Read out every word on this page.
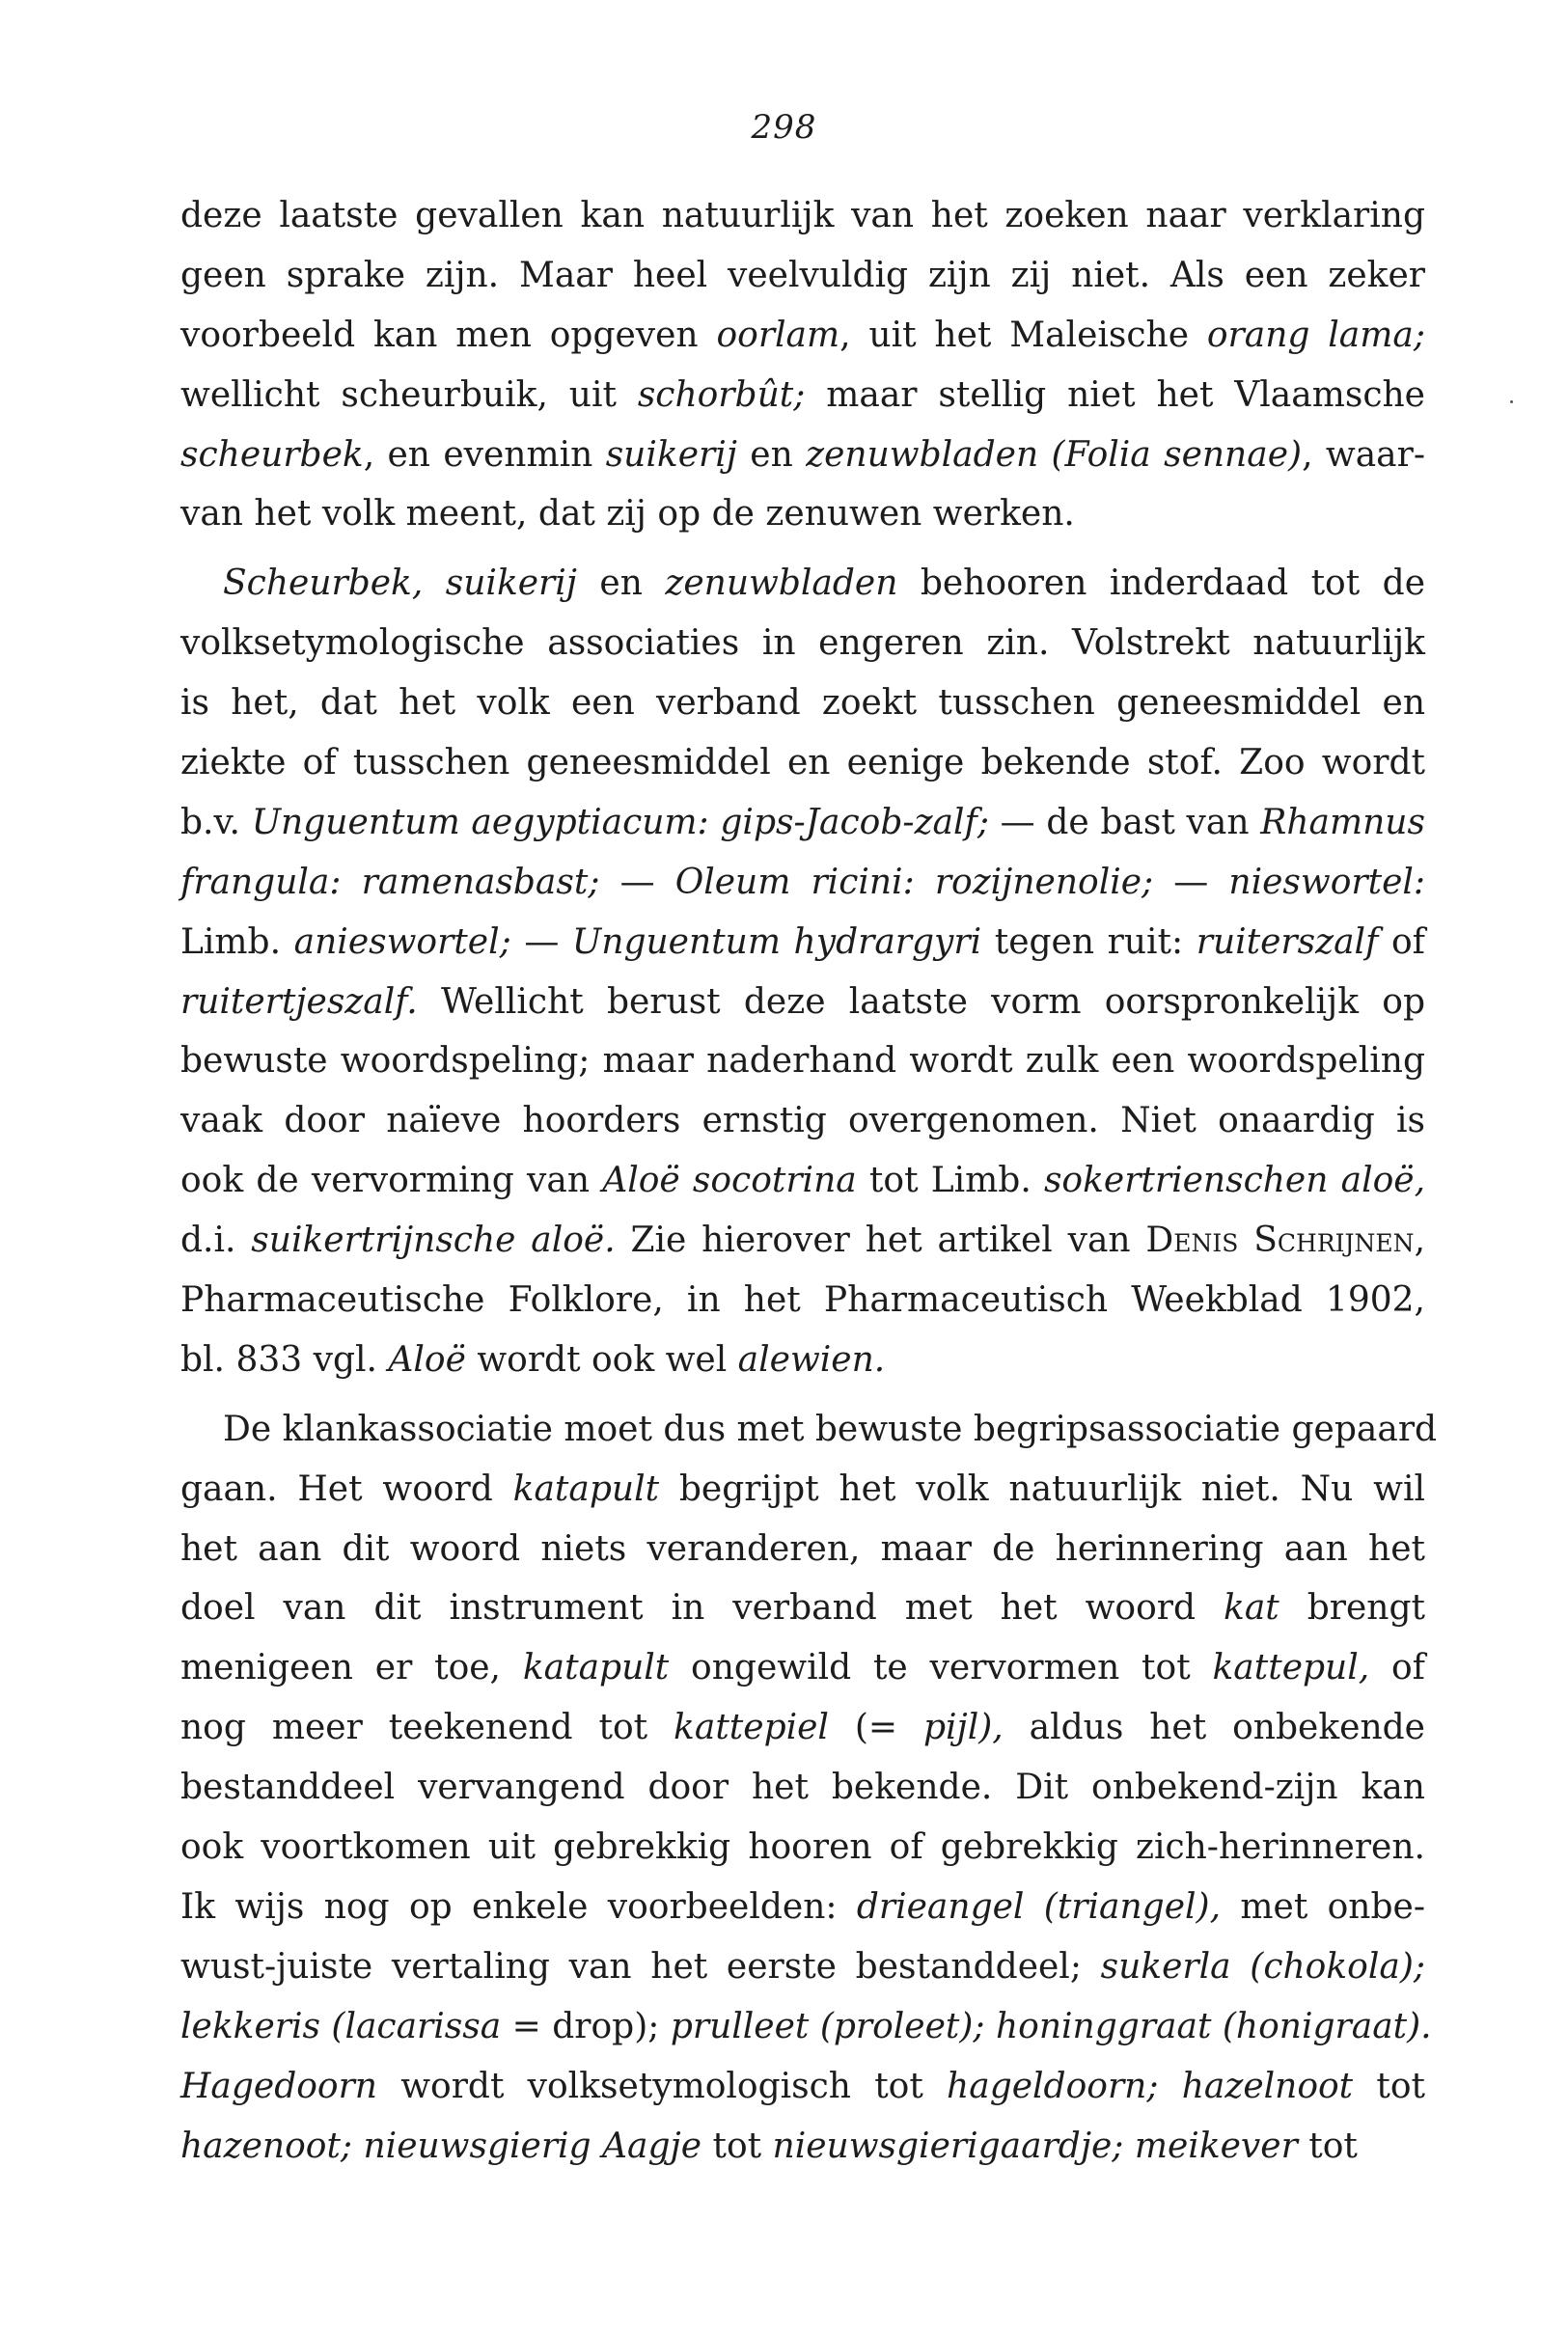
298
deze laatste gevallen kan natuurlijk van het zoeken naar verklaring
geen sprake zijn. Maar heel veelvuldig zijn zij niet. Als een zeker
voorbeeld kan men opgeven oorlam, uit het Maleische orang lama;
wellicht scheurbuik, uit schorbût; maar stellig niet het Vlaamsche
scheurbek, en evenmin suikerij en zenuwbladen (Folia sennae), waar-
van het volk meent, dat zij op de zenuwen werken.
Scheurbek, suikerij en zenuwbladen behooren inderdaad tot de
volksetymologische associaties in engeren zin. Volstrekt natuurlijk
is het, dat het volk een verband zoekt tusschen geneesmiddel en
ziekte of tusschen geneesmiddel en eenige bekende stof. Zoo wordt
b.v. Unguentum aegyptiacum: gips-Jacob-zalf; — de bast van Rhamnus
frangula: ramenasbast; — Oleum ricini: rozijnenolie; — nieswortel:
Limb. anieswortel; — Unguentum hydrargyri tegen ruit: ruiterszalf of
ruitertjeszalf. Wellicht berust deze laatste vorm oorspronkelijk op
bewuste woordspeling; maar naderhand wordt zulk een woordspeling
vaak door naïeve hoorders ernstig overgenomen. Niet onaardig is
ook de vervorming van Aloë socotrina tot Limb. sokertrienschen aloë,
d.i. suikertrijnsche aloë. Zie hierover het artikel van Denis Schrijnen,
Pharmaceutische Folklore, in het Pharmaceutisch Weekblad 1902,
bl. 833 vgl. Aloë wordt ook wel alewien.
De klankassociatie moet dus met bewuste begripsassociatie gepaard
gaan. Het woord katapult begrijpt het volk natuurlijk niet. Nu wil
het aan dit woord niets veranderen, maar de herinnering aan het
doel van dit instrument in verband met het woord kat brengt
menigeen er toe, katapult ongewild te vervormen tot kattepul, of
nog meer teekenend tot kattepiel (= pijl), aldus het onbekende
bestanddeel vervangend door het bekende. Dit onbekend-zijn kan
ook voortkomen uit gebrekkig hooren of gebrekkig zich-herinneren.
Ik wijs nog op enkele voorbeelden: drieangel (triangel), met onbe-
wust-juiste vertaling van het eerste bestanddeel; sukerla (chokola);
lekkeris (lacarissa = drop); prulleet (proleet); honinggraat (honigraat).
Hagedoorn wordt volksetymologisch tot hageldoorn; hazelnoot tot
hazenoot; nieuwsgierig Aagje tot nieuwsgierigaardje; meikever tot
